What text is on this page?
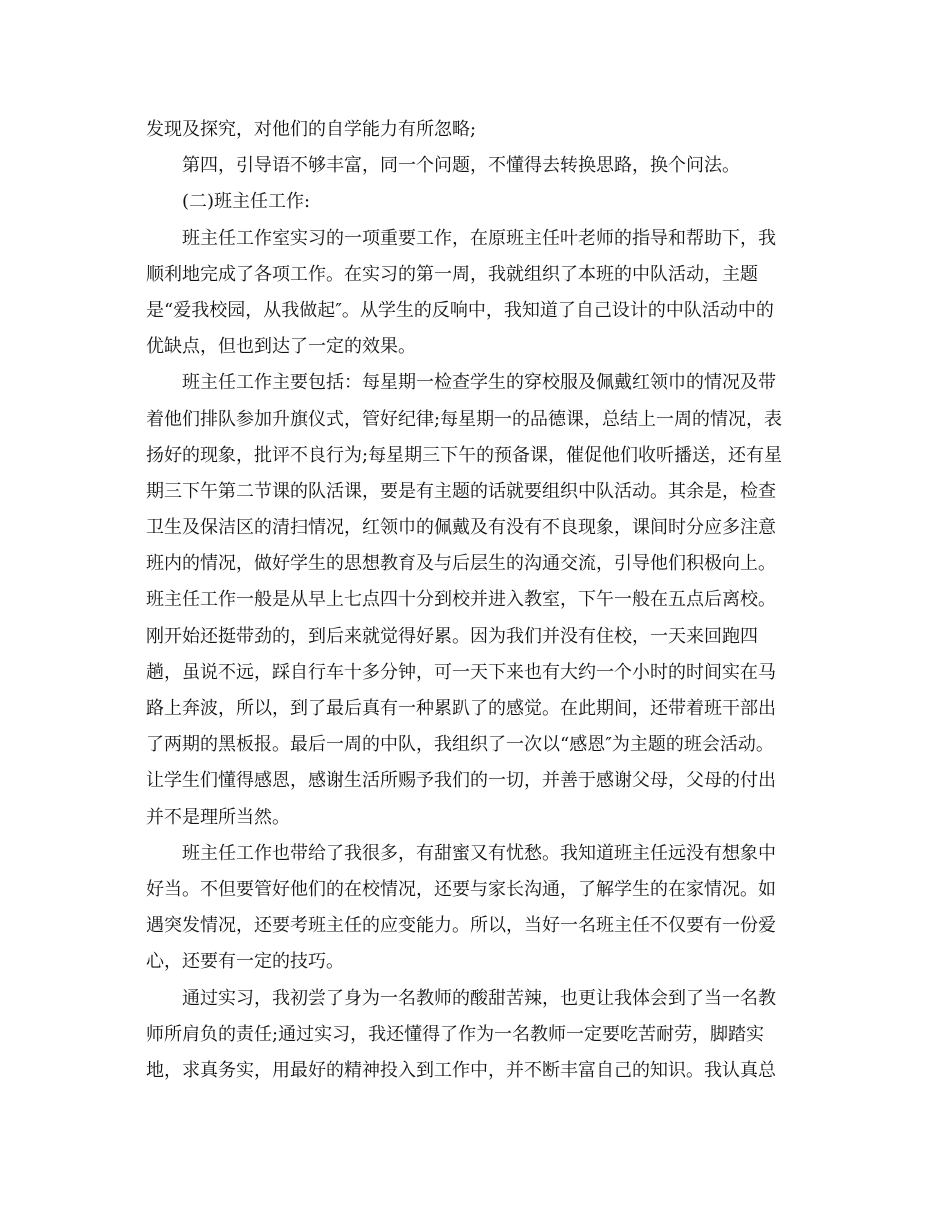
发现及探究，对他们的自学能力有所忽略;
第四，引导语不够丰富，同一个问题，不懂得去转换思路，换个问法。
(二)班主任工作:
班主任工作室实习的一项重要工作，在原班主任叶老师的指导和帮助下，我
顺利地完成了各项工作。在实习的第一周，我就组织了本班的中队活动，主题
是“爱我校园，从我做起″。从学生的反响中，我知道了自己设计的中队活动中的
优缺点，但也到达了一定的效果。
班主任工作主要包括：每星期一检查学生的穿校服及佩戴红领巾的情况及带
着他们排队参加升旗仪式，管好纪律;每星期一的品德课，总结上一周的情况，表
扬好的现象，批评不良行为;每星期三下午的预备课，催促他们收听播送，还有星
期三下午第二节课的队活课，要是有主题的话就要组织中队活动。其余是，检查
卫生及保洁区的清扫情况，红领巾的佩戴及有没有不良现象，课间时分应多注意
班内的情况，做好学生的思想教育及与后层生的沟通交流，引导他们积极向上。
班主任工作一般是从早上七点四十分到校并进入教室，下午一般在五点后离校。
刚开始还挺带劲的，到后来就觉得好累。因为我们并没有住校，一天来回跑四
趟，虽说不远，踩自行车十多分钟，可一天下来也有大约一个小时的时间实在马
路上奔波，所以，到了最后真有一种累趴了的感觉。在此期间，还带着班干部出
了两期的黑板报。最后一周的中队，我组织了一次以“感恩″为主题的班会活动。
让学生们懂得感恩，感谢生活所赐予我们的一切，并善于感谢父母，父母的付出
并不是理所当然。
班主任工作也带给了我很多，有甜蜜又有忧愁。我知道班主任远没有想象中
好当。不但要管好他们的在校情况，还要与家长沟通，了解学生的在家情况。如
遇突发情况，还要考班主任的应变能力。所以，当好一名班主任不仅要有一份爱
心，还要有一定的技巧。
通过实习，我初尝了身为一名教师的酸甜苦辣，也更让我体会到了当一名教
师所肩负的责任;通过实习，我还懂得了作为一名教师一定要吃苦耐劳，脚踏实
地，求真务实，用最好的精神投入到工作中，并不断丰富自己的知识。我认真总
